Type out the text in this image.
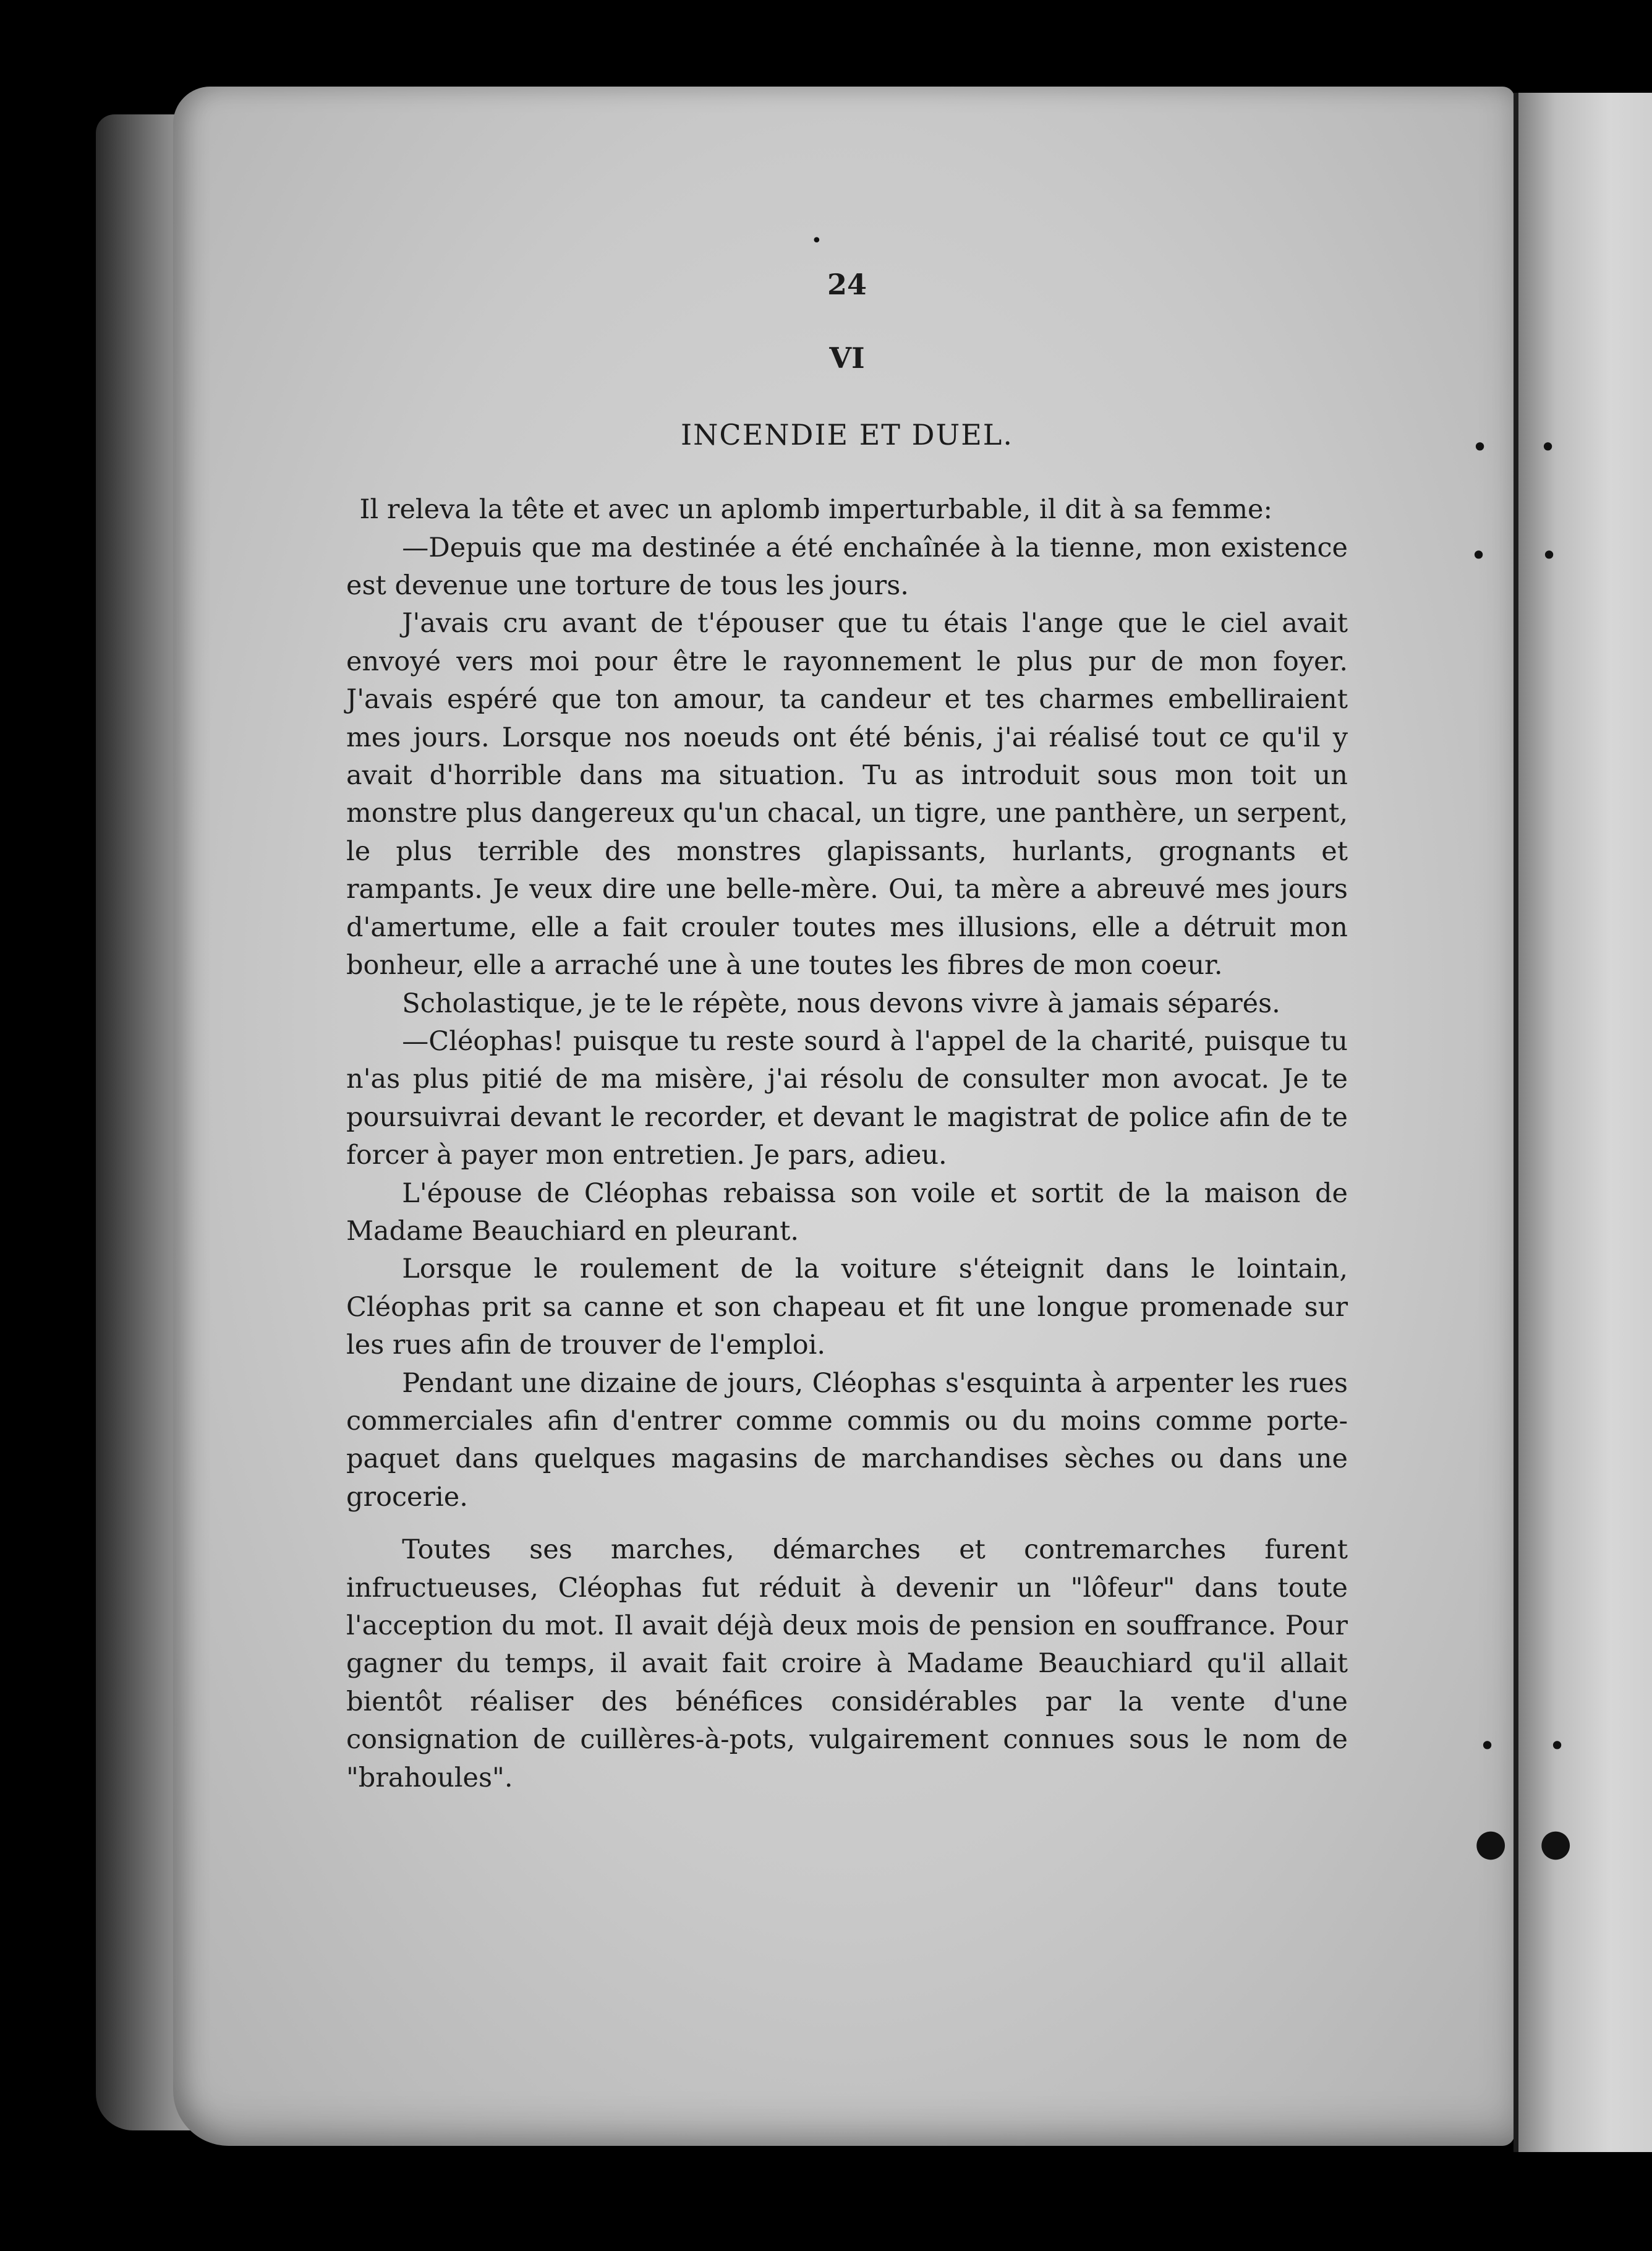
• •
• •
• •
● ●
•
24
VI
INCENDIE ET DUEL.

Il releva la tête et avec un aplomb imperturbable, il dit à sa femme:

—Depuis que ma destinée a été enchaînée à la tienne, mon existence est devenue une torture de tous les jours.

J'avais cru avant de t'épouser que tu étais l'ange que le ciel avait envoyé vers moi pour être le rayonnement le plus pur de mon foyer. J'avais espéré que ton amour, ta candeur et tes charmes embelliraient mes jours. Lorsque nos noeuds ont été bénis, j'ai réalisé tout ce qu'il y avait d'horrible dans ma situation. Tu as introduit sous mon toit un monstre plus dangereux qu'un chacal, un tigre, une panthère, un serpent, le plus terrible des monstres glapissants, hurlants, grognants et rampants. Je veux dire une belle-mère. Oui, ta mère a abreuvé mes jours d'amertume, elle a fait crouler toutes mes illusions, elle a détruit mon bonheur, elle a arraché une à une toutes les fibres de mon coeur.

Scholastique, je te le répète, nous devons vivre à jamais séparés.

—Cléophas! puisque tu reste sourd à l'appel de la charité, puisque tu n'as plus pitié de ma misère, j'ai résolu de consulter mon avocat. Je te poursuivrai devant le recorder, et devant le magistrat de police afin de te forcer à payer mon entretien. Je pars, adieu.

L'épouse de Cléophas rebaissa son voile et sortit de la maison de Madame Beauchiard en pleurant.

Lorsque le roulement de la voiture s'éteignit dans le lointain, Cléophas prit sa canne et son chapeau et fit une longue promenade sur les rues afin de trouver de l'emploi.

Pendant une dizaine de jours, Cléophas s'esquinta à arpenter les rues commerciales afin d'entrer comme commis ou du moins comme porte-paquet dans quelques magasins de marchandises sèches ou dans une grocerie.

Toutes ses marches, démarches et contremarches furent infructueuses, Cléophas fut réduit à devenir un "lôfeur" dans toute l'acception du mot. Il avait déjà deux mois de pension en souffrance. Pour gagner du temps, il avait fait croire à Madame Beauchiard qu'il allait bientôt réaliser des bénéfices considérables par la vente d'une consignation de cuillères-à-pots, vulgairement connues sous le nom de "brahoules".
